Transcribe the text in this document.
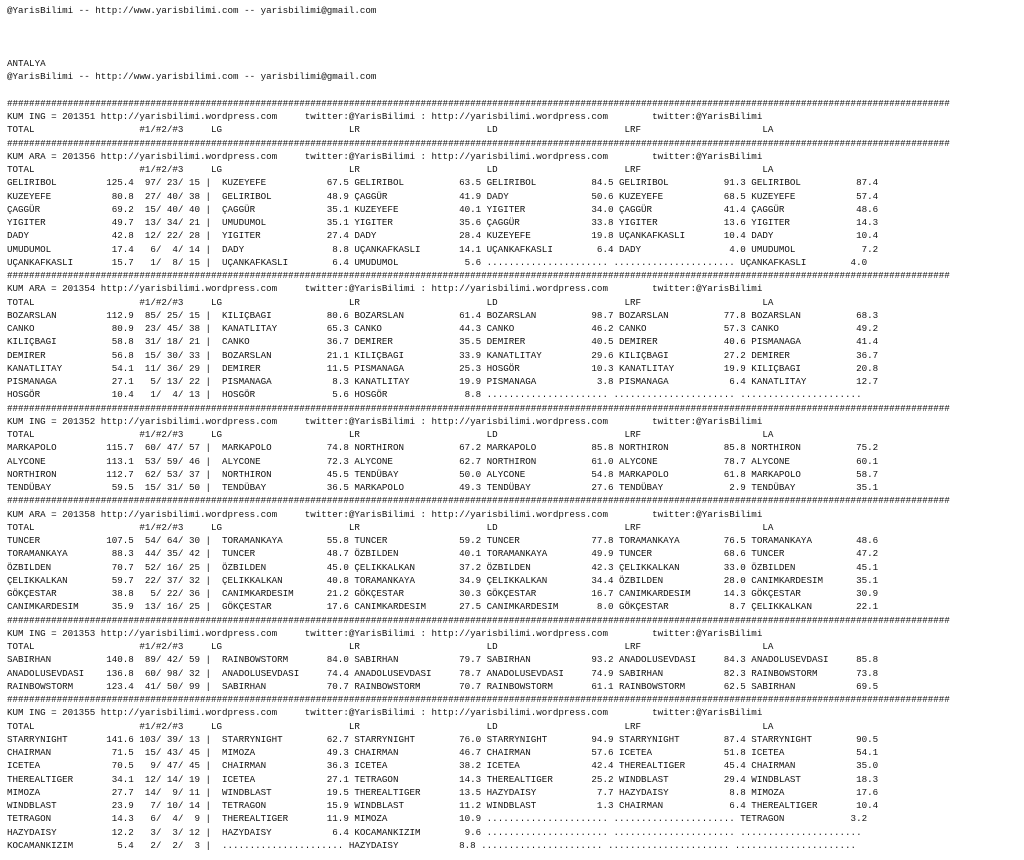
@YarisBilimi -- http://www.yarisbilimi.com -- yarisbilimi@gmail.com

ANTALYA
@YarisBilimi -- http://www.yarisbilimi.com -- yarisbilimi@gmail.com

###########################################################################################################################################################################
KUM ING = 201351 http://yarisbilimi.wordpress.com     twitter:@YarisBilimi : http://yarisbilimi.wordpress.com        twitter:@YarisBilimi
TOTAL                   #1/#2/#3     LG                       LR                       LD                       LRF                      LA
###########################################################################################################################################################################
KUM ARA = 201356 http://yarisbilimi.wordpress.com     twitter:@YarisBilimi : http://yarisbilimi.wordpress.com        twitter:@YarisBilimi
TOTAL                   #1/#2/#3     LG                       LR                       LD                       LRF                      LA
GELIRIBOL         125.4  97/ 23/ 15 |  KUZEYEFE           67.5 GELIRIBOL          63.5 GELIRIBOL          84.5 GELIRIBOL          91.3 GELIRIBOL          87.4
KUZEYEFE           80.8  27/ 40/ 38 |  GELIRIBOL          48.9 ÇAGGÜR             41.9 DADY               50.6 KUZEYEFE           68.5 KUZEYEFE           57.4
ÇAGGÜR             69.2  15/ 40/ 40 |  ÇAGGÜR             35.1 KUZEYEFE           40.1 YIGITER            34.0 ÇAGGÜR             41.4 ÇAGGÜR             48.6
YIGITER            49.7  13/ 34/ 21 |  UMUDUMOL           35.1 YIGITER            35.6 ÇAGGÜR             33.8 YIGITER            13.6 YIGITER            14.3
DADY               42.8  12/ 22/ 28 |  YIGITER            27.4 DADY               28.4 KUZEYEFE           19.8 UÇANKAFKASLI       10.4 DADY               10.4
UMUDUMOL           17.4   6/  4/ 14 |  DADY                8.8 UÇANKAFKASLI       14.1 UÇANKAFKASLI        6.4 DADY                4.0 UMUDUMOL            7.2
UÇANKAFKASLI       15.7   1/  8/ 15 |  UÇANKAFKASLI        6.4 UMUDUMOL            5.6 ...................... ...................... UÇANKAFKASLI        4.0
###########################################################################################################################################################################
KUM ARA = 201354 http://yarisbilimi.wordpress.com     twitter:@YarisBilimi : http://yarisbilimi.wordpress.com        twitter:@YarisBilimi
TOTAL                   #1/#2/#3     LG                       LR                       LD                       LRF                      LA
BOZARSLAN         112.9  85/ 25/ 15 |  KILIÇBAGI          80.6 BOZARSLAN          61.4 BOZARSLAN          98.7 BOZARSLAN          77.8 BOZARSLAN          68.3
CANKO              80.9  23/ 45/ 38 |  KANATLITAY         65.3 CANKO              44.3 CANKO              46.2 CANKO              57.3 CANKO              49.2
KILIÇBAGI          58.8  31/ 18/ 21 |  CANKO              36.7 DEMIRER            35.5 DEMIRER            40.5 DEMIRER            40.6 PISMANAGA          41.4
DEMIRER            56.8  15/ 30/ 33 |  BOZARSLAN          21.1 KILIÇBAGI          33.9 KANATLITAY         29.6 KILIÇBAGI          27.2 DEMIRER            36.7
KANATLITAY         54.1  11/ 36/ 29 |  DEMIRER            11.5 PISMANAGA          25.3 HOSGÖR             10.3 KANATLITAY         19.9 KILIÇBAGI          20.8
PISMANAGA          27.1   5/ 13/ 22 |  PISMANAGA           8.3 KANATLITAY         19.9 PISMANAGA           3.8 PISMANAGA           6.4 KANATLITAY         12.7
HOSGÖR             10.4   1/  4/ 13 |  HOSGÖR              5.6 HOSGÖR              8.8 ...................... ...................... ......................
###########################################################################################################################################################################
KUM ING = 201352 http://yarisbilimi.wordpress.com     twitter:@YarisBilimi : http://yarisbilimi.wordpress.com        twitter:@YarisBilimi
TOTAL                   #1/#2/#3     LG                       LR                       LD                       LRF                      LA
MARKAPOLO         115.7  60/ 47/ 57 |  MARKAPOLO          74.8 NORTHIRON          67.2 MARKAPOLO          85.8 NORTHIRON          85.8 NORTHIRON          75.2
ALYCONE           113.1  53/ 59/ 46 |  ALYCONE            72.3 ALYCONE            62.7 NORTHIRON          61.0 ALYCONE            78.7 ALYCONE            60.1
NORTHIRON         112.7  62/ 53/ 37 |  NORTHIRON          45.5 TENDÜBAY           50.0 ALYCONE            54.8 MARKAPOLO          61.8 MARKAPOLO          58.7
TENDÜBAY           59.5  15/ 31/ 50 |  TENDÜBAY           36.5 MARKAPOLO          49.3 TENDÜBAY           27.6 TENDÜBAY            2.9 TENDÜBAY           35.1
###########################################################################################################################################################################
KUM ARA = 201358 http://yarisbilimi.wordpress.com     twitter:@YarisBilimi : http://yarisbilimi.wordpress.com        twitter:@YarisBilimi
TOTAL                   #1/#2/#3     LG                       LR                       LD                       LRF                      LA
TUNCER            107.5  54/ 64/ 30 |  TORAMANKAYA        55.8 TUNCER             59.2 TUNCER             77.8 TORAMANKAYA        76.5 TORAMANKAYA        48.6
TORAMANKAYA        88.3  44/ 35/ 42 |  TUNCER             48.7 ÖZBILDEN           40.1 TORAMANKAYA        49.9 TUNCER             68.6 TUNCER             47.2
ÖZBILDEN           70.7  52/ 16/ 25 |  ÖZBILDEN           45.0 ÇELIKKALKAN        37.2 ÖZBILDEN           42.3 ÇELIKKALKAN        33.0 ÖZBILDEN           45.1
ÇELIKKALKAN        59.7  22/ 37/ 32 |  ÇELIKKALKAN        40.8 TORAMANKAYA        34.9 ÇELIKKALKAN        34.4 ÖZBILDEN           28.0 CANIMKARDESIM      35.1
GÖKÇESTAR          38.8   5/ 22/ 36 |  CANIMKARDESIM      21.2 GÖKÇESTAR          30.3 GÖKÇESTAR          16.7 CANIMKARDESIM      14.3 GÖKÇESTAR          30.9
CANIMKARDESIM      35.9  13/ 16/ 25 |  GÖKÇESTAR          17.6 CANIMKARDESIM      27.5 CANIMKARDESIM       8.0 GÖKÇESTAR           8.7 ÇELIKKALKAN        22.1
###########################################################################################################################################################################
KUM ING = 201353 http://yarisbilimi.wordpress.com     twitter:@YarisBilimi : http://yarisbilimi.wordpress.com        twitter:@YarisBilimi
TOTAL                   #1/#2/#3     LG                       LR                       LD                       LRF                      LA
SABIRHAN          140.8  89/ 42/ 59 |  RAINBOWSTORM       84.0 SABIRHAN           79.7 SABIRHAN           93.2 ANADOLUSEVDASI     84.3 ANADOLUSEVDASI     85.8
ANADOLUSEVDASI    136.8  60/ 98/ 32 |  ANADOLUSEVDASI     74.4 ANADOLUSEVDASI     78.7 ANADOLUSEVDASI     74.9 SABIRHAN           82.3 RAINBOWSTORM       73.8
RAINBOWSTORM      123.4  41/ 50/ 99 |  SABIRHAN           70.7 RAINBOWSTORM       70.7 RAINBOWSTORM       61.1 RAINBOWSTORM       62.5 SABIRHAN           69.5
###########################################################################################################################################################################
KUM ING = 201355 http://yarisbilimi.wordpress.com     twitter:@YarisBilimi : http://yarisbilimi.wordpress.com        twitter:@YarisBilimi
TOTAL                   #1/#2/#3     LG                       LR                       LD                       LRF                      LA
STARRYNIGHT       141.6 103/ 39/ 13 |  STARRYNIGHT        62.7 STARRYNIGHT        76.0 STARRYNIGHT        94.9 STARRYNIGHT        87.4 STARRYNIGHT        90.5
CHAIRMAN           71.5  15/ 43/ 45 |  MIMOZA             49.3 CHAIRMAN           46.7 CHAIRMAN           57.6 ICETEA             51.8 ICETEA             54.1
ICETEA             70.5   9/ 47/ 45 |  CHAIRMAN           36.3 ICETEA             38.2 ICETEA             42.4 THEREALTIGER       45.4 CHAIRMAN           35.0
THEREALTIGER       34.1  12/ 14/ 19 |  ICETEA             27.1 TETRAGON           14.3 THEREALTIGER       25.2 WINDBLAST          29.4 WINDBLAST          18.3
MIMOZA             27.7  14/  9/ 11 |  WINDBLAST          19.5 THEREALTIGER       13.5 HAZYDAISY           7.7 HAZYDAISY           8.8 MIMOZA             17.6
WINDBLAST          23.9   7/ 10/ 14 |  TETRAGON           15.9 WINDBLAST          11.2 WINDBLAST           1.3 CHAIRMAN            6.4 THEREALTIGER       10.4
TETRAGON           14.3   6/  4/  9 |  THEREALTIGER       11.9 MIMOZA             10.9 ...................... ...................... TETRAGON            3.2
HAZYDAISY          12.2   3/  3/ 12 |  HAZYDAISY           6.4 KOCAMANKIZIM        9.6 ...................... ...................... ......................
KOCAMANKIZIM        5.4   2/  2/  3 |  ...................... HAZYDAISY           8.8 ...................... ...................... ......................
